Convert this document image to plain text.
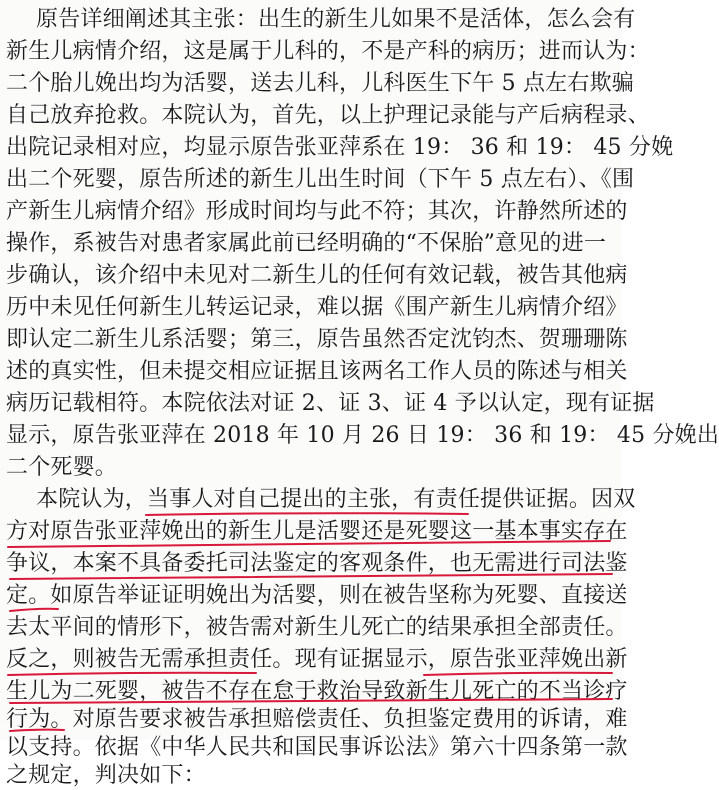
原告详细阐述其主张：出生的新生儿如果不是活体，怎么会有
新生儿病情介绍，这是属于儿科的，不是产科的病历；进而认为：
二个胎儿娩出均为活婴，送去儿科，儿科医生下午 5 点左右欺骗
自己放弃抢救。本院认为，首先，以上护理记录能与产后病程录、
出院记录相对应，均显示原告张亚萍系在 19： 36 和 19： 45 分娩
出二个死婴，原告所述的新生儿出生时间（下午 5 点左右）、《围
产新生儿病情介绍》形成时间均与此不符；其次，许静然所述的
操作，系被告对患者家属此前已经明确的“不保胎”意见的进一
步确认，该介绍中未见对二新生儿的任何有效记载，被告其他病
历中未见任何新生儿转运记录，难以据《围产新生儿病情介绍》
即认定二新生儿系活婴；第三，原告虽然否定沈钧杰、贺珊珊陈
述的真实性，但未提交相应证据且该两名工作人员的陈述与相关
病历记载相符。本院依法对证 2、证 3、证 4 予以认定，现有证据
显示，原告张亚萍在 2018 年 10 月 26 日 19： 36 和 19： 45 分娩出
二个死婴。
本院认为，当事人对自己提出的主张，有责任提供证据。因双
方对原告张亚萍娩出的新生儿是活婴还是死婴这一基本事实存在
争议，本案不具备委托司法鉴定的客观条件，也无需进行司法鉴
定。如原告举证证明娩出为活婴，则在被告坚称为死婴、直接送
去太平间的情形下，被告需对新生儿死亡的结果承担全部责任。
反之，则被告无需承担责任。现有证据显示，原告张亚萍娩出新
生儿为二死婴，被告不存在怠于救治导致新生儿死亡的不当诊疗
行为。对原告要求被告承担赔偿责任、负担鉴定费用的诉请，难
以支持。依据《中华人民共和国民事诉讼法》第六十四条第一款
之规定，判决如下：
